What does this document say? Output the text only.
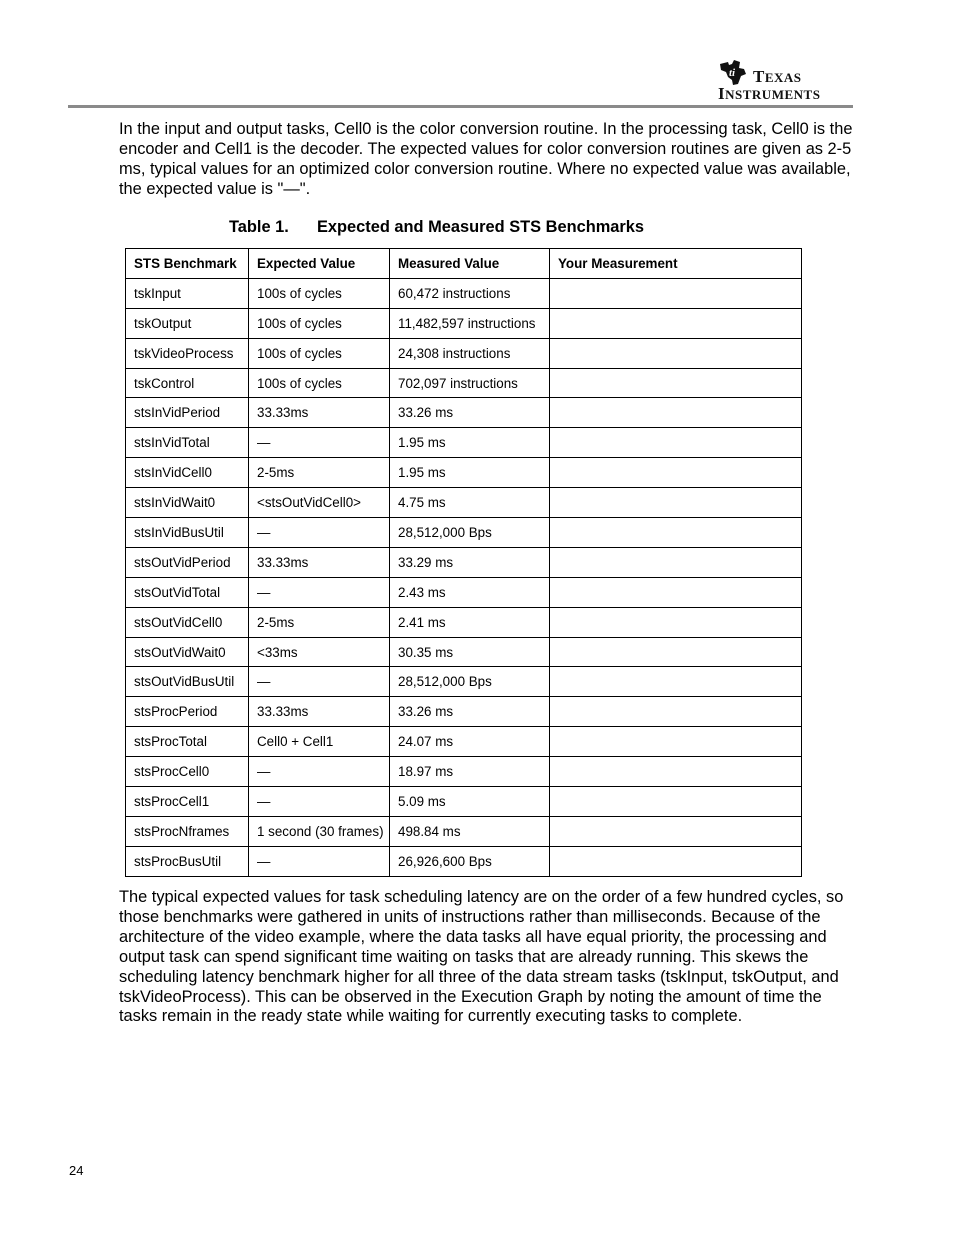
ti TEXAS
INSTRUMENTS

In the input and output tasks, Cell0 is the color conversion routine. In the processing task, Cell0 is the encoder and Cell1 is the decoder. The expected values for color conversion routines are given as 2-5 ms, typical values for an optimized color conversion routine. Where no expected value was available, the expected value is "—".

Table 1. Expected and Measured STS Benchmarks
STS Benchmark	Expected Value	Measured Value	Your Measurement
tskInput	100s of cycles	60,472 instructions	
tskOutput	100s of cycles	11,482,597 instructions	
tskVideoProcess	100s of cycles	24,308 instructions	
tskControl	100s of cycles	702,097 instructions	
stsInVidPeriod	33.33ms	33.26 ms	
stsInVidTotal	—	1.95 ms	
stsInVidCell0	2-5ms	1.95 ms	
stsInVidWait0	<stsOutVidCell0>	4.75 ms	
stsInVidBusUtil	—	28,512,000 Bps	
stsOutVidPeriod	33.33ms	33.29 ms	
stsOutVidTotal	—	2.43 ms	
stsOutVidCell0	2-5ms	2.41 ms	
stsOutVidWait0	<33ms	30.35 ms	
stsOutVidBusUtil	—	28,512,000 Bps	
stsProcPeriod	33.33ms	33.26 ms	
stsProcTotal	Cell0 + Cell1	24.07 ms	
stsProcCell0	—	18.97 ms	
stsProcCell1	—	5.09 ms	
stsProcNframes	1 second (30 frames)	498.84 ms	
stsProcBusUtil	—	26,926,600 Bps	

The typical expected values for task scheduling latency are on the order of a few hundred cycles, so those benchmarks were gathered in units of instructions rather than milliseconds. Because of the architecture of the video example, where the data tasks all have equal priority, the processing and output task can spend significant time waiting on tasks that are already running. This skews the scheduling latency benchmark higher for all three of the data stream tasks (tskInput, tskOutput, and tskVideoProcess). This can be observed in the Execution Graph by noting the amount of time the tasks remain in the ready state while waiting for currently executing tasks to complete.

24
